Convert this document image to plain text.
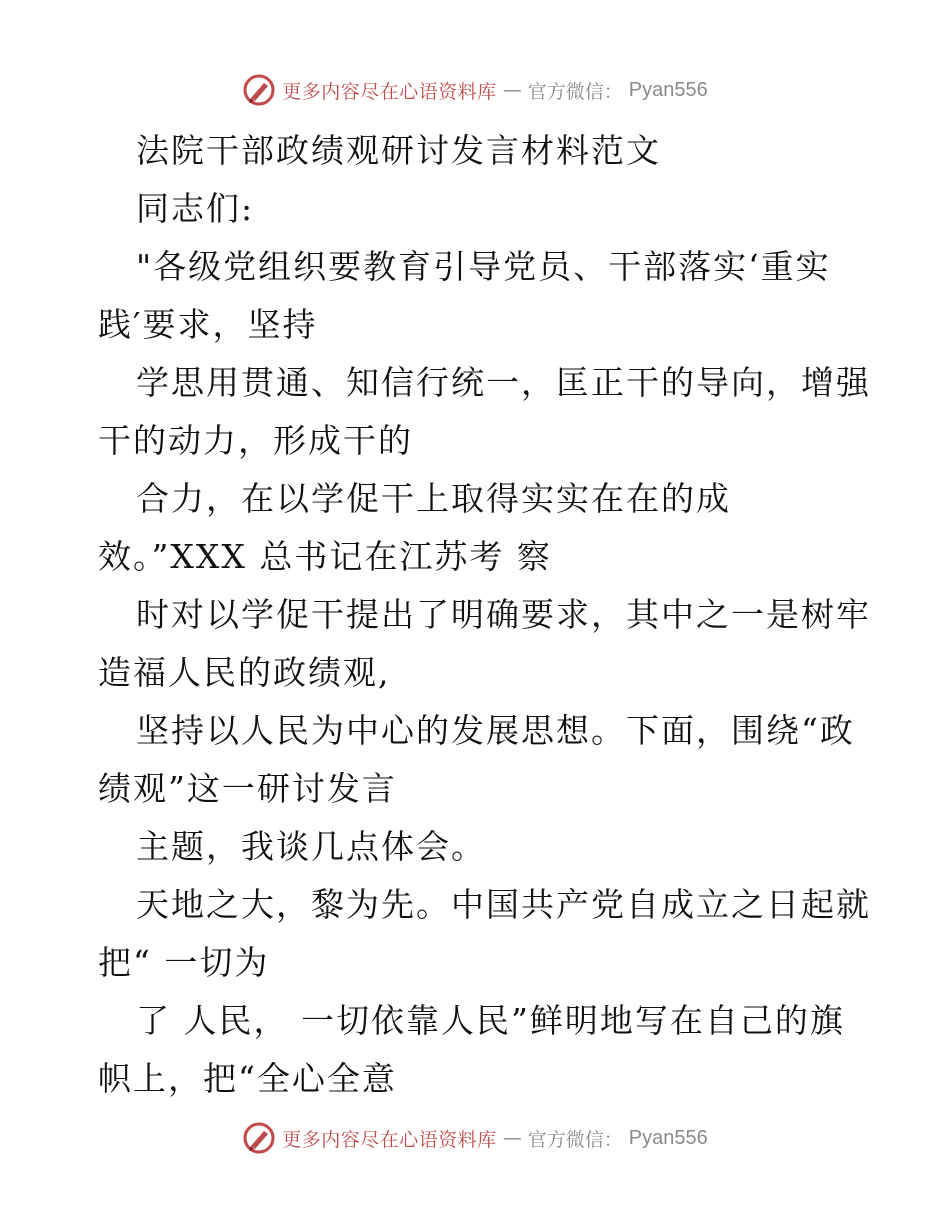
更多内容尽在心语资料库 — 官方微信： Pyan556
法院干部政绩观研讨发言材料范文
同志们:
"各级党组织要教育引导党员、干部落实‘重实
践′要求，坚持
学思用贯通、知信行统一，匡正干的导向，增强
干的动力，形成干的
合力，在以学促干上取得实实在在的成
效。”XXX 总书记在江苏考 察
时对以学促干提出了明确要求，其中之一是树牢
造福人民的政绩观,
坚持以人民为中心的发展思想。下面，围绕“政
绩观”这一研讨发言
主题，我谈几点体会。
天地之大，黎为先。中国共产党自成立之日起就
把“ 一切为
了 人民， 一切依靠人民”鲜明地写在自己的旗
帜上，把“全心全意
更多内容尽在心语资料库 — 官方微信： Pyan556
